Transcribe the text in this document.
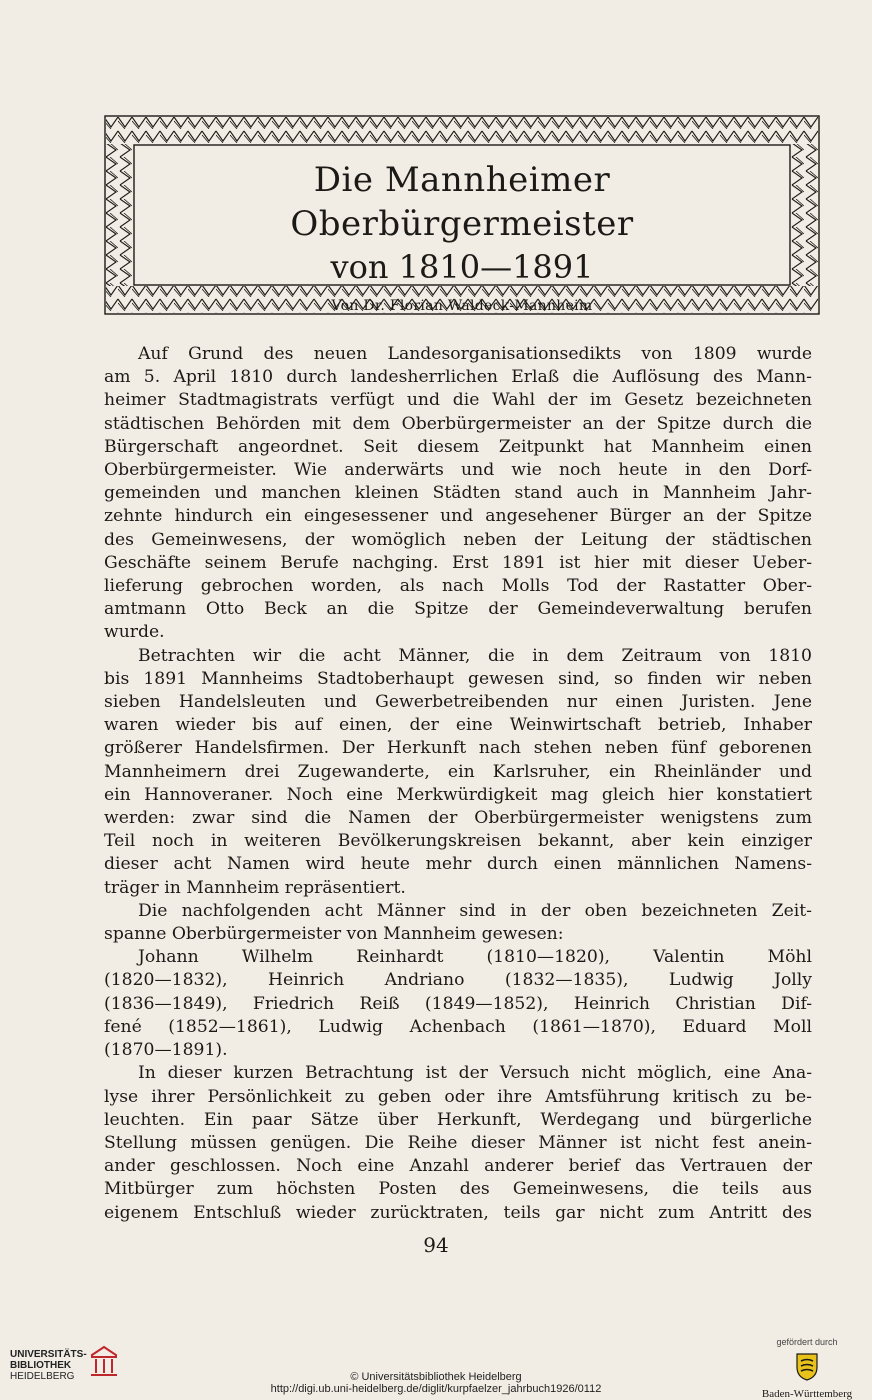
Die Mannheimer Oberbürgermeister
von 1810—1891
Von Dr. Florian Waldeck-Mannheim

Auf Grund des neuen Landesorganisationsedikts von 1809 wurde
am 5. April 1810 durch landesherrlichen Erlaß die Auflösung des Mann-
heimer Stadtmagistrats verfügt und die Wahl der im Gesetz bezeichneten
städtischen Behörden mit dem Oberbürgermeister an der Spitze durch die
Bürgerschaft angeordnet. Seit diesem Zeitpunkt hat Mannheim einen
Oberbürgermeister. Wie anderwärts und wie noch heute in den Dorf-
gemeinden und manchen kleinen Städten stand auch in Mannheim Jahr-
zehnte hindurch ein eingesessener und angesehener Bürger an der Spitze
des Gemeinwesens, der womöglich neben der Leitung der städtischen
Geschäfte seinem Berufe nachging. Erst 1891 ist hier mit dieser Ueber-
lieferung gebrochen worden, als nach Molls Tod der Rastatter Ober-
amtmann Otto Beck an die Spitze der Gemeindeverwaltung berufen
wurde.

Betrachten wir die acht Männer, die in dem Zeitraum von 1810
bis 1891 Mannheims Stadtoberhaupt gewesen sind, so finden wir neben
sieben Handelsleuten und Gewerbetreibenden nur einen Juristen. Jene
waren wieder bis auf einen, der eine Weinwirtschaft betrieb, Inhaber
größerer Handelsfirmen. Der Herkunft nach stehen neben fünf geborenen
Mannheimern drei Zugewanderte, ein Karlsruher, ein Rheinländer und
ein Hannoveraner. Noch eine Merkwürdigkeit mag gleich hier konstatiert
werden: zwar sind die Namen der Oberbürgermeister wenigstens zum
Teil noch in weiteren Bevölkerungskreisen bekannt, aber kein einziger
dieser acht Namen wird heute mehr durch einen männlichen Namens-
träger in Mannheim repräsentiert.

Die nachfolgenden acht Männer sind in der oben bezeichneten Zeit-
spanne Oberbürgermeister von Mannheim gewesen:

Johann Wilhelm Reinhardt (1810—1820), Valentin Möhl
(1820—1832), Heinrich Andriano (1832—1835), Ludwig Jolly
(1836—1849), Friedrich Reiß (1849—1852), Heinrich Christian Dif-
fené (1852—1861), Ludwig Achenbach (1861—1870), Eduard Moll
(1870—1891).

In dieser kurzen Betrachtung ist der Versuch nicht möglich, eine Ana-
lyse ihrer Persönlichkeit zu geben oder ihre Amtsführung kritisch zu be-
leuchten. Ein paar Sätze über Herkunft, Werdegang und bürgerliche
Stellung müssen genügen. Die Reihe dieser Männer ist nicht fest anein-
ander geschlossen. Noch eine Anzahl anderer berief das Vertrauen der
Mitbürger zum höchsten Posten des Gemeinwesens, die teils aus
eigenem Entschluß wieder zurücktraten, teils gar nicht zum Antritt des

94
UNIVERSITÄTS-
BIBLIOTHEK
HEIDELBERG	© Universitätsbibliothek Heidelberg
http://digi.ub.uni-heidelberg.de/diglit/kurpfaelzer_jahrbuch1926/0112
gefördert durch
Baden-Württemberg
